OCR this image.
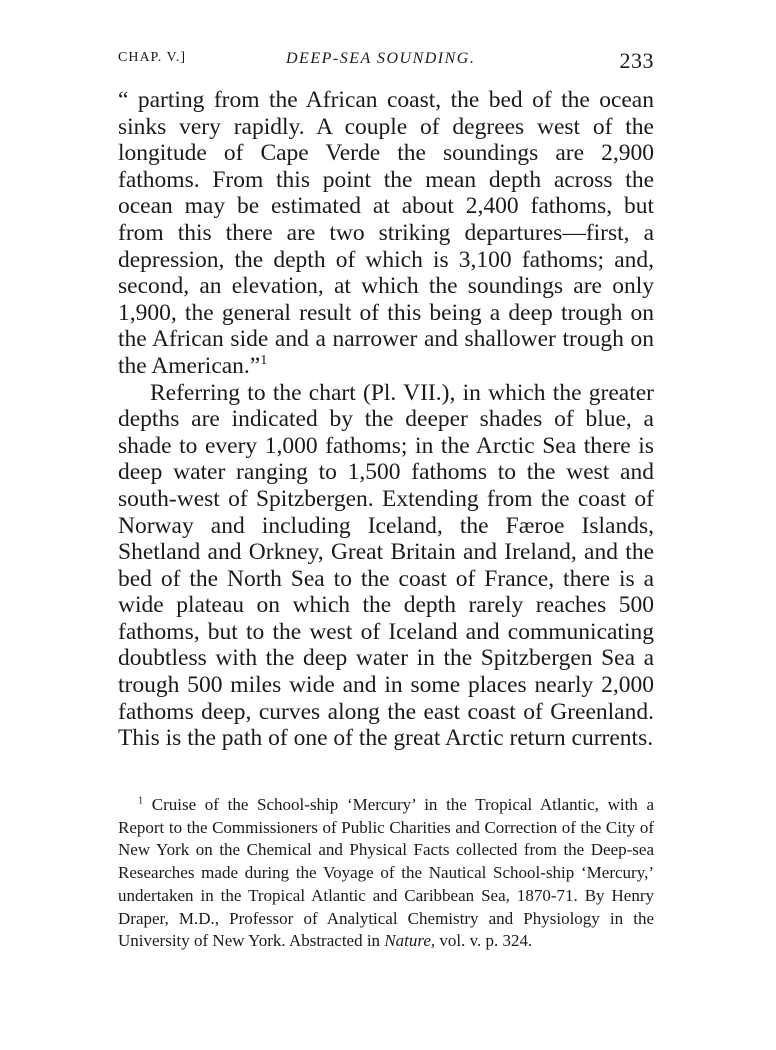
CHAP. V.]	DEEP-SEA SOUNDING.	233

“ parting from the African coast, the bed of the ocean sinks very rapidly. A couple of degrees west of the longitude of Cape Verde the soundings are 2,900 fathoms. From this point the mean depth across the ocean may be estimated at about 2,400 fathoms, but from this there are two striking departures—first, a depression, the depth of which is 3,100 fathoms; and, second, an elevation, at which the soundings are only 1,900, the general result of this being a deep trough on the African side and a narrower and shallower trough on the American.”$^1$

Referring to the chart (Pl. VII.), in which the greater depths are indicated by the deeper shades of blue, a shade to every 1,000 fathoms; in the Arctic Sea there is deep water ranging to 1,500 fathoms to the west and south-west of Spitzbergen. Extending from the coast of Norway and including Iceland, the Færoe Islands, Shetland and Orkney, Great Britain and Ireland, and the bed of the North Sea to the coast of France, there is a wide plateau on which the depth rarely reaches 500 fathoms, but to the west of Iceland and communicating doubtless with the deep water in the Spitzbergen Sea a trough 500 miles wide and in some places nearly 2,000 fathoms deep, curves along the east coast of Greenland. This is the path of one of the great Arctic return currents.

$^1$ Cruise of the School-ship ‘Mercury’ in the Tropical Atlantic, with a Report to the Commissioners of Public Charities and Correction of the City of New York on the Chemical and Physical Facts collected from the Deep-sea Researches made during the Voyage of the Nautical School-ship ‘Mercury,’ undertaken in the Tropical Atlantic and Caribbean Sea, 1870-71. By Henry Draper, M.D., Professor of Analytical Chemistry and Physiology in the University of New York. Abstracted in Nature, vol. v. p. 324.
